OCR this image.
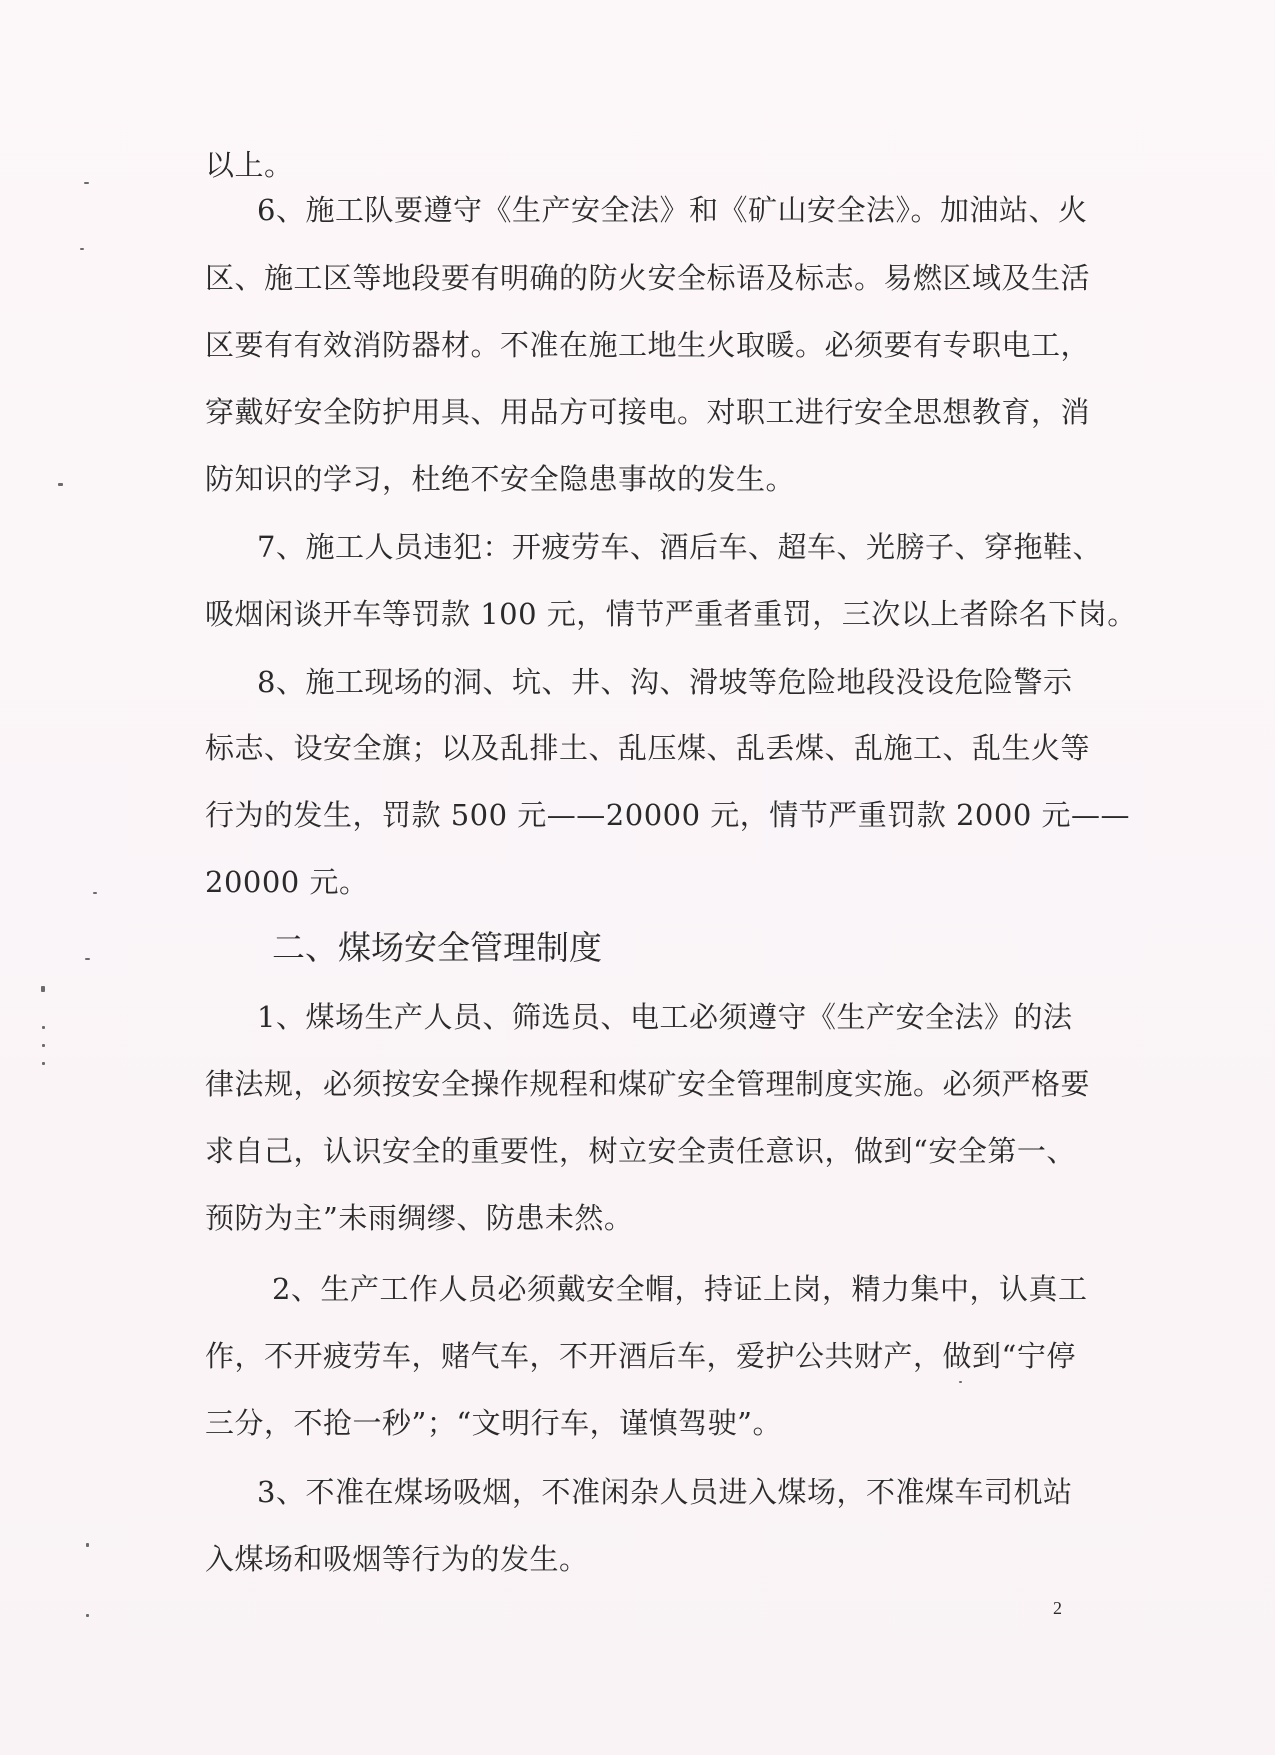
以上。
6、施工队要遵守《生产安全法》和《矿山安全法》。加油站、火
区、施工区等地段要有明确的防火安全标语及标志。易燃区域及生活
区要有有效消防器材。不准在施工地生火取暖。必须要有专职电工，
穿戴好安全防护用具、用品方可接电。对职工进行安全思想教育，消
防知识的学习，杜绝不安全隐患事故的发生。
7、施工人员违犯：开疲劳车、酒后车、超车、光膀子、穿拖鞋、
吸烟闲谈开车等罚款 100 元，情节严重者重罚，三次以上者除名下岗。
8、施工现场的洞、坑、井、沟、滑坡等危险地段没设危险警示
标志、设安全旗；以及乱排土、乱压煤、乱丢煤、乱施工、乱生火等
行为的发生，罚款 500 元——20000 元，情节严重罚款 2000 元——
20000 元。
二、煤场安全管理制度
1、煤场生产人员、筛选员、电工必须遵守《生产安全法》的法
律法规，必须按安全操作规程和煤矿安全管理制度实施。必须严格要
求自己，认识安全的重要性，树立安全责任意识，做到“安全第一、
预防为主”未雨绸缪、防患未然。
2、生产工作人员必须戴安全帽，持证上岗，精力集中，认真工
作，不开疲劳车，赌气车，不开酒后车，爱护公共财产，做到“宁停
三分，不抢一秒”；“文明行车，谨慎驾驶”。
3、不准在煤场吸烟，不准闲杂人员进入煤场，不准煤车司机站
入煤场和吸烟等行为的发生。
2
